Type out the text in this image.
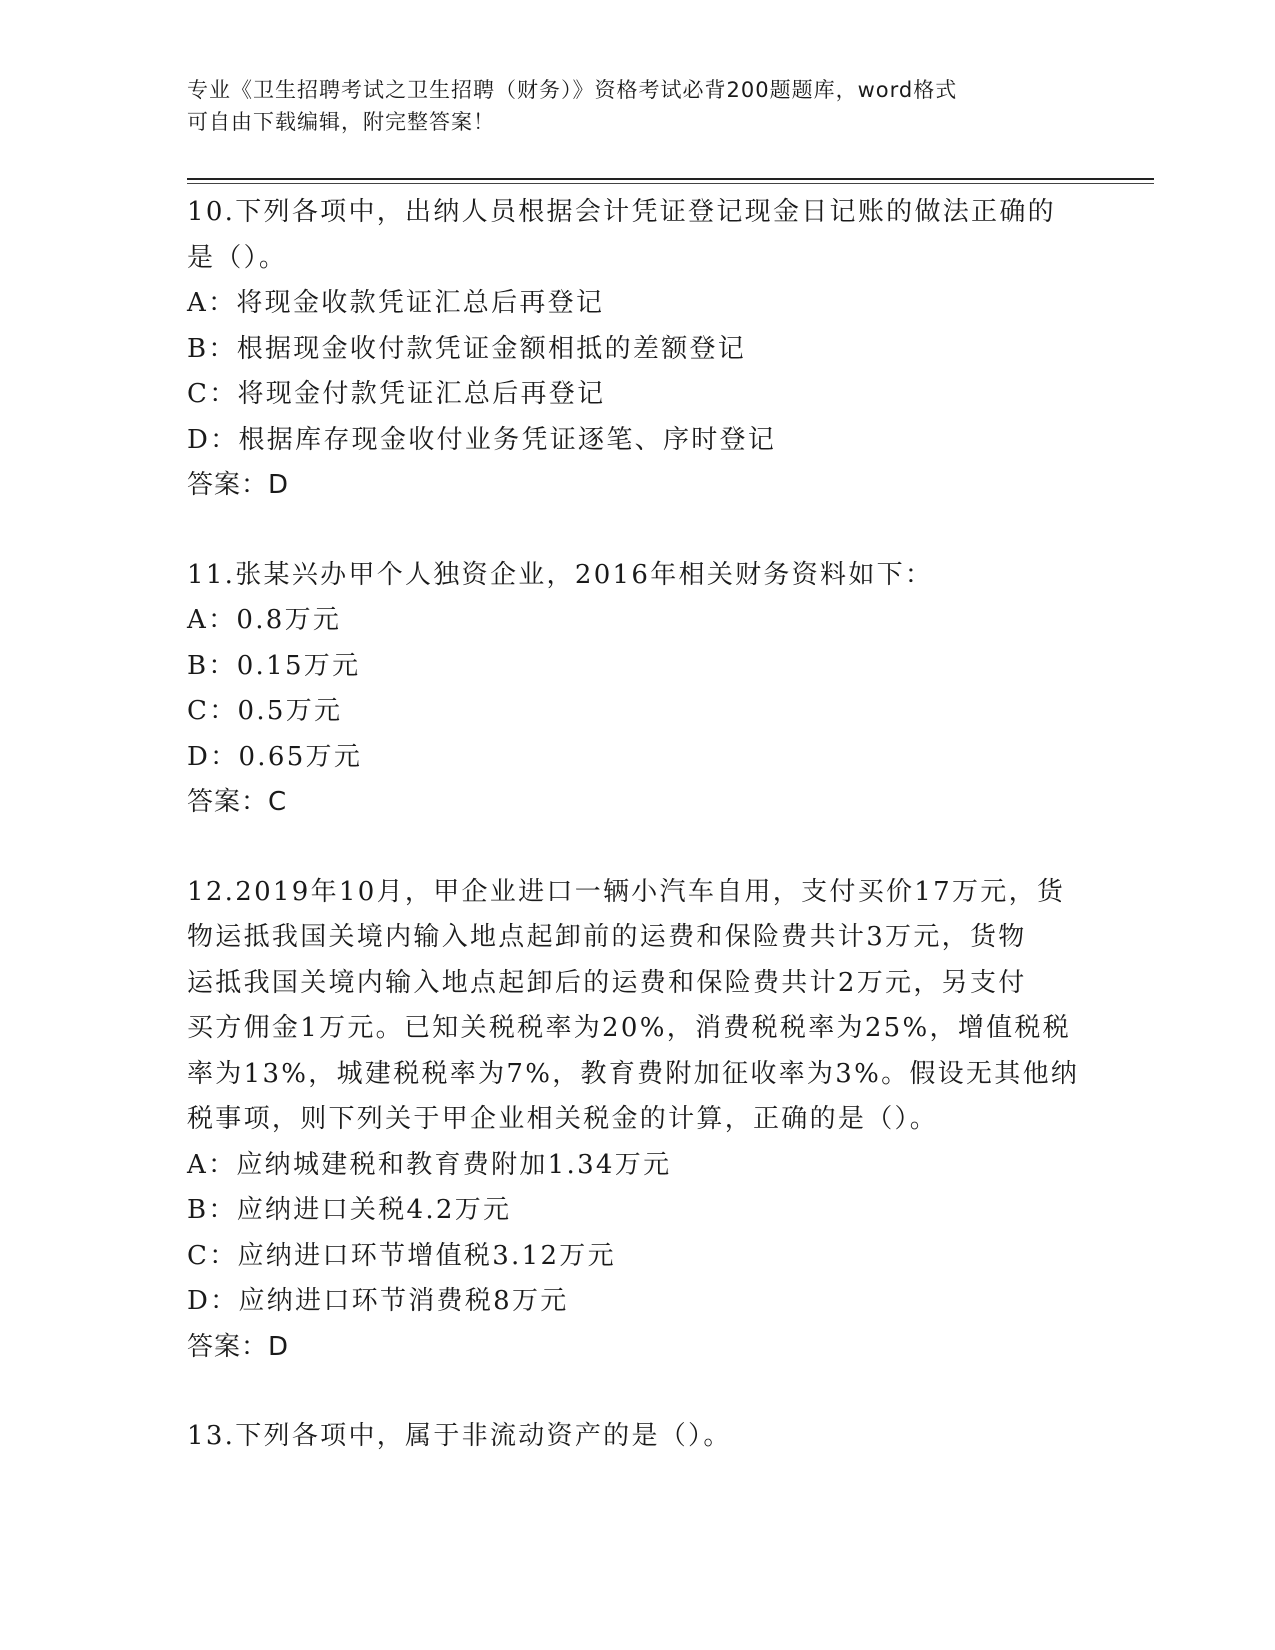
专业《卫生招聘考试之卫生招聘（财务）》资格考试必背200题题库，word格式
可自由下载编辑，附完整答案！
10.下列各项中，出纳人员根据会计凭证登记现金日记账的做法正确的
是（）。
A：将现金收款凭证汇总后再登记
B：根据现金收付款凭证金额相抵的差额登记
C：将现金付款凭证汇总后再登记
D：根据库存现金收付业务凭证逐笔、序时登记
答案：D
11.张某兴办甲个人独资企业，2016年相关财务资料如下：
A：0.8万元
B：0.15万元
C：0.5万元
D：0.65万元
答案：C
12.2019年10月，甲企业进口一辆小汽车自用，支付买价17万元，货
物运抵我国关境内输入地点起卸前的运费和保险费共计3万元，货物
运抵我国关境内输入地点起卸后的运费和保险费共计2万元，另支付
买方佣金1万元。已知关税税率为20%，消费税税率为25%，增值税税
率为13%，城建税税率为7%，教育费附加征收率为3%。假设无其他纳
税事项，则下列关于甲企业相关税金的计算，正确的是（）。
A：应纳城建税和教育费附加1.34万元
B：应纳进口关税4.2万元
C：应纳进口环节增值税3.12万元
D：应纳进口环节消费税8万元
答案：D
13.下列各项中，属于非流动资产的是（）。
